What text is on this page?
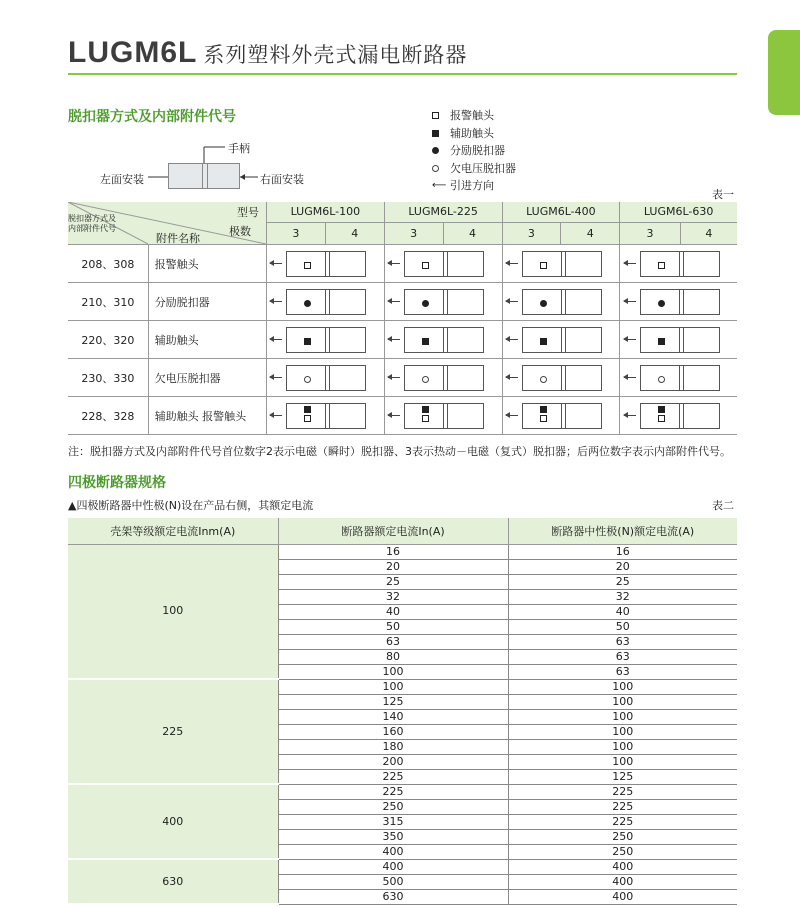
LUGM6L 系列塑料外壳式漏电断路器
脱扣器方式及内部附件代号	报警触头
辅助触头
分励脱扣器
欠电压脱扣器
⟵ 引进方向
手柄
左面安装	右面安装
表一
型号
极数
附件名称
脱扣器方式及内部附件代号		LUGM6L-100		LUGM6L-225		LUGM6L-400		LUGM6L-630	
		3	4	3	4	3	4	3	4
208、308	报警触头					

210、310	分励脱扣器					

220、320	辅助触头					

230、330	欠电压脱扣器					

228、328	辅助触头 报警触头					

注：脱扣器方式及内部附件代号首位数字2表示电磁（瞬时）脱扣器、3表示热动－电磁（复式）脱扣器；后两位数字表示内部附件代号。
四极断路器规格
▲四极断路器中性极(N)设在产品右侧，其额定电流	表二
壳架等级额定电流Inm(A)	断路器额定电流In(A)	断路器中性极(N)额定电流(A)
100	16	16
	20	20
	25	25
	32	32
	40	40
	50	50
	63	63
	80	63
	100	63
225	100	100
	125	100
	140	100
	160	100
	180	100
	200	100
	225	125
400	225	225
	250	225
	315	225
	350	250
	400	250
630	400	400
	500	400
	630	400
